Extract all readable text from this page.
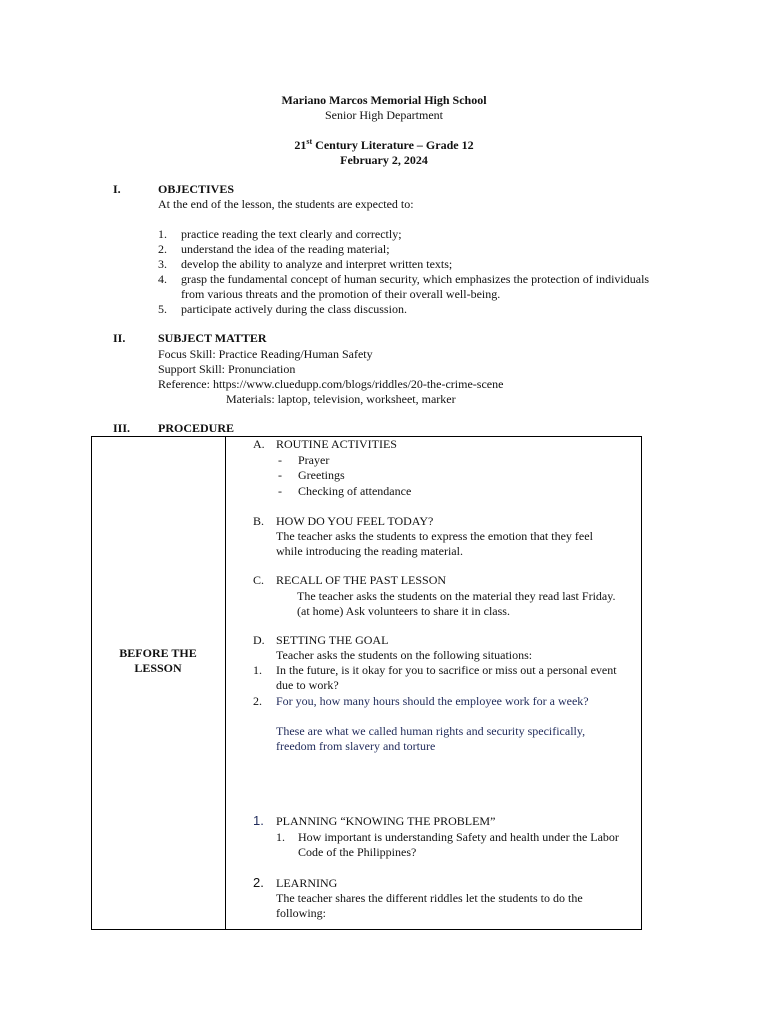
Mariano Marcos Memorial High School
Senior High Department
21st Century Literature – Grade 12
February 2, 2024
I.	OBJECTIVES
At the end of the lesson, the students are expected to:
1. practice reading the text clearly and correctly;
2. understand the idea of the reading material;
3. develop the ability to analyze and interpret written texts;
4. grasp the fundamental concept of human security, which emphasizes the protection of individuals
from various threats and the promotion of their overall well-being.
5. participate actively during the class discussion.
II.	SUBJECT MATTER
Focus Skill: Practice Reading/Human Safety
Support Skill: Pronunciation
Reference: https://www.cluedupp.com/blogs/riddles/20-the-crime-scene
Materials: laptop, television, worksheet, marker
III. PROCEDURE
BEFORE THE
LESSON
A. ROUTINE ACTIVITIES
- Prayer
- Greetings
- Checking of attendance
B. HOW DO YOU FEEL TODAY?
The teacher asks the students to express the emotion that they feel
while introducing the reading material.
C. RECALL OF THE PAST LESSON
The teacher asks the students on the material they read last Friday.
(at home) Ask volunteers to share it in class.
D. SETTING THE GOAL
Teacher asks the students on the following situations:
1. In the future, is it okay for you to sacrifice or miss out a personal event
due to work?
2. For you, how many hours should the employee work for a week?
These are what we called human rights and security specifically,
freedom from slavery and torture
1. PLANNING “KNOWING THE PROBLEM”
1. How important is understanding Safety and health under the Labor
Code of the Philippines?
2. LEARNING
The teacher shares the different riddles let the students to do the
following:
